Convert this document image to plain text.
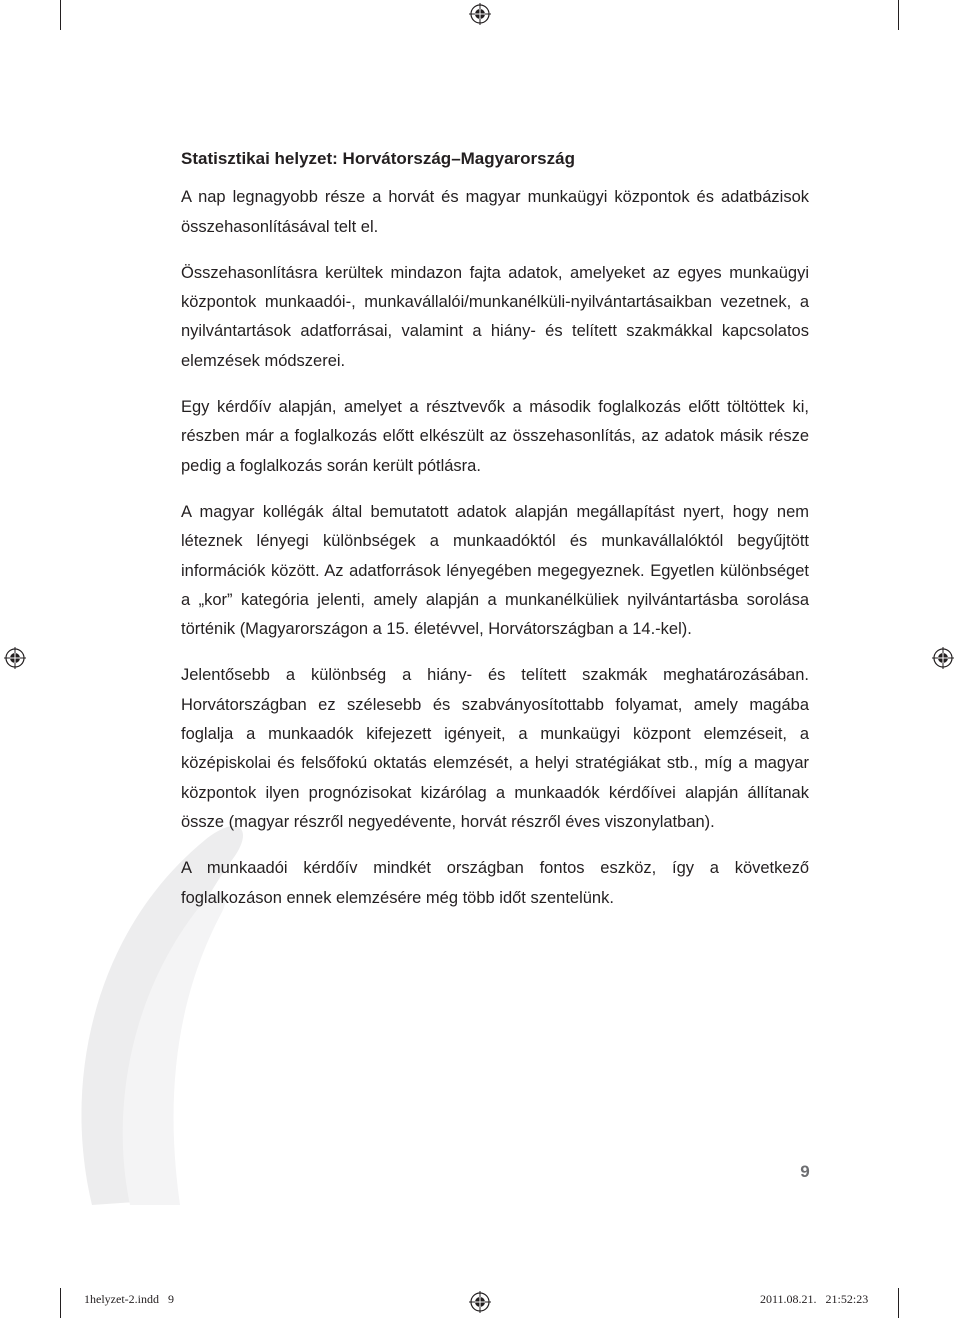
Statisztikai helyzet: Horvátország–Magyarország

A nap legnagyobb része a horvát és magyar munkaügyi központok és adatbázisok összehasonlításával telt el.

Összehasonlításra kerültek mindazon fajta adatok, amelyeket az egyes munkaügyi központok munkaadói-, munkavállalói/munkanélküli-nyilvántartásaikban vezetnek, a nyilvántartások adatforrásai, valamint a hiány- és telített szakmákkal kapcsolatos elemzések módszerei.

Egy kérdőív alapján, amelyet a résztvevők a második foglalkozás előtt töltöttek ki, részben már a foglalkozás előtt elkészült az összehasonlítás, az adatok másik része pedig a foglalkozás során került pótlásra.

A magyar kollégák által bemutatott adatok alapján megállapítást nyert, hogy nem léteznek lényegi különbségek a munkaadóktól és munkavállalóktól begyűjtött információk között. Az adatforrások lényegében megegyeznek. Egyetlen különbséget a „kor” kategória jelenti, amely alapján a munkanélküliek nyilvántartásba sorolása történik (Magyarországon a 15. életévvel, Horvátországban a 14.-kel).

Jelentősebb a különbség a hiány- és telített szakmák meghatározásában. Horvátországban ez szélesebb és szabványosítottabb folyamat, amely magába foglalja a munkaadók kifejezett igényeit, a munkaügyi központ elemzéseit, a középiskolai és felsőfokú oktatás elemzését, a helyi stratégiákat stb., míg a magyar központok ilyen prognózisokat kizárólag a munkaadók kérdőívei alapján állítanak össze (magyar részről negyedévente, horvát részről éves viszonylatban).

A munkaadói kérdőív mindkét országban fontos eszköz, így a következő foglalkozáson ennek elemzésére még több időt szentelünk.

9
1helyzet-2.indd   9	2011.08.21.   21:52:23
